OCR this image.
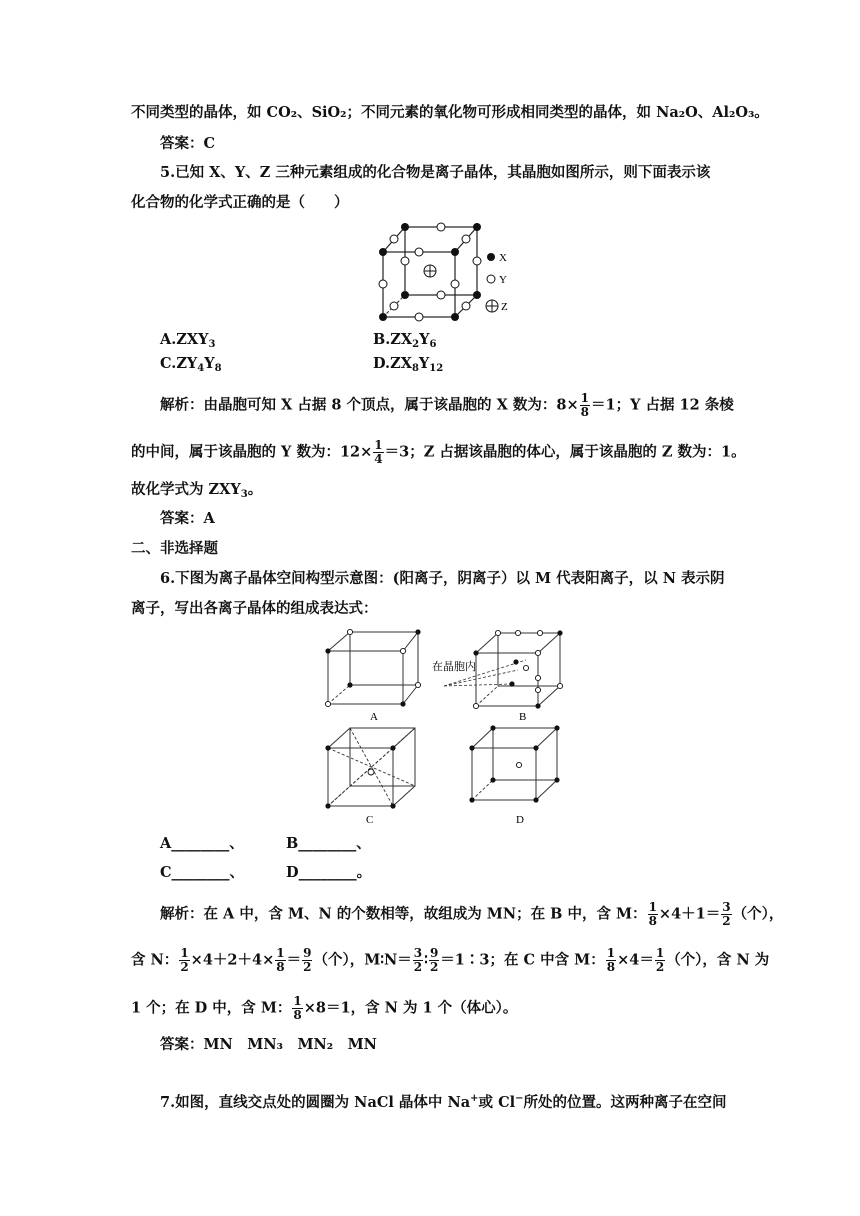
不同类型的晶体，如 CO₂、SiO₂；不同元素的氧化物可形成相同类型的晶体，如 Na₂O、Al₂O₃。
答案：C
5.已知 X、Y、Z 三种元素组成的化合物是离子晶体，其晶胞如图所示，则下面表示该
化合物的化学式正确的是（　　）
X
Y
Z
$A.ZXY_3$	$B.ZX_2Y_6$
$C.ZY_4Y_8$	$D.ZX_8Y_{12}$
解析：由晶胞可知 X 占据 8 个顶点，属于该晶胞的 X 数为：$8\times \frac{1}{8} =1$；Y 占据 12 条棱
的中间，属于该晶胞的 Y 数为：$12\times \frac{1}{4} =3$；Z 占据该晶胞的体心，属于该晶胞的 Z 数为：1。
故化学式为 $ZXY_3$。
答案：A
二、非选择题
6.下图为离子晶体空间构型示意图：(阳离子，阴离子）以 M 代表阳离子，以 N 表示阴
离子，写出各离子晶体的组成表达式：
A
在晶胞内
B
C	D
A________、	B________、
C________、	D________。
解析：在 A 中，含 M、N 的个数相等，故组成为 MN；在 B 中，含 M： $\frac{1}{8} \times 4+1= \frac{3}{2}$ （个），
含 N： $\frac{1}{2} \times 4+2+4\times \frac{1}{8} = \frac{9}{2}$ （个），M∶N＝ $\frac{3}{2}$ ∶ $\frac{9}{2}$ ＝1∶3；在 C 中含 M： $\frac{1}{8} \times 4= \frac{1}{2}$ （个），含 N 为
1 个；在 D 中，含 M： $\frac{1}{8} \times 8=1$，含 N 为 1 个（体心）。
答案：MN　MN₃　MN₂　MN
7.如图，直线交点处的圆圈为 NaCl 晶体中 Na+或 Cl−所处的位置。这两种离子在空间
